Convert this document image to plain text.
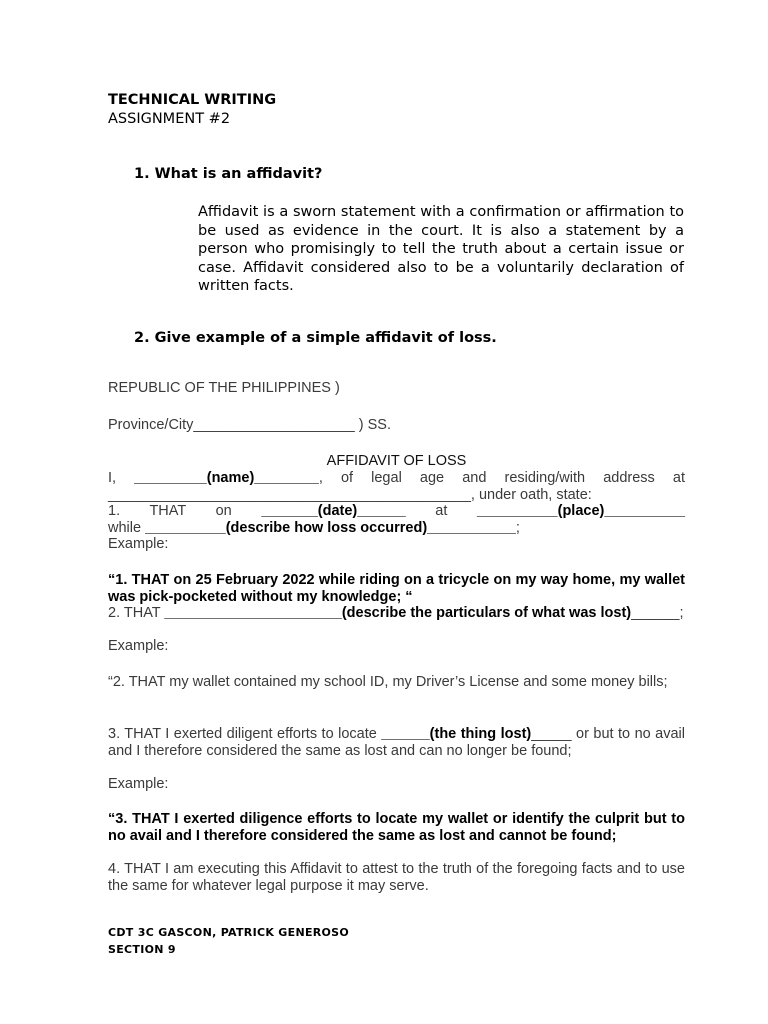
TECHNICAL WRITING
ASSIGNMENT #2
1. What is an affidavit?
Affidavit is a sworn statement with a confirmation or affirmation to be used as evidence in the court. It is also a statement by a person who promisingly to tell the truth about a certain issue or case. Affidavit considered also to be a voluntarily declaration of written facts.
2. Give example of a simple affidavit of loss.
REPUBLIC OF THE PHILIPPINES )
Province/City____________________ ) SS.
AFFIDAVIT OF LOSS
I, _________(name)________, of legal age and residing/with address at
_____________________________________________, under oath, state:
1. THAT on _______(date)______ at __________(place)__________
while __________(describe how loss occurred)___________;
Example:
“1. THAT on 25 February 2022 while riding on a tricycle on my way home, my wallet was pick-pocketed without my knowledge; “
2. THAT ______________________(describe the particulars of what was lost)______;
Example:
“2. THAT my wallet contained my school ID, my Driver’s License and some money bills;
3. THAT I exerted diligent efforts to locate ______(the thing lost)_____ or but to no avail and I therefore considered the same as lost and can no longer be found;
Example:
“3. THAT I exerted diligence efforts to locate my wallet or identify the culprit but to no avail and I therefore considered the same as lost and cannot be found;
4. THAT I am executing this Affidavit to attest to the truth of the foregoing facts and to use the same for whatever legal purpose it may serve.
CDT 3C GASCON, PATRICK GENEROSO
SECTION 9
